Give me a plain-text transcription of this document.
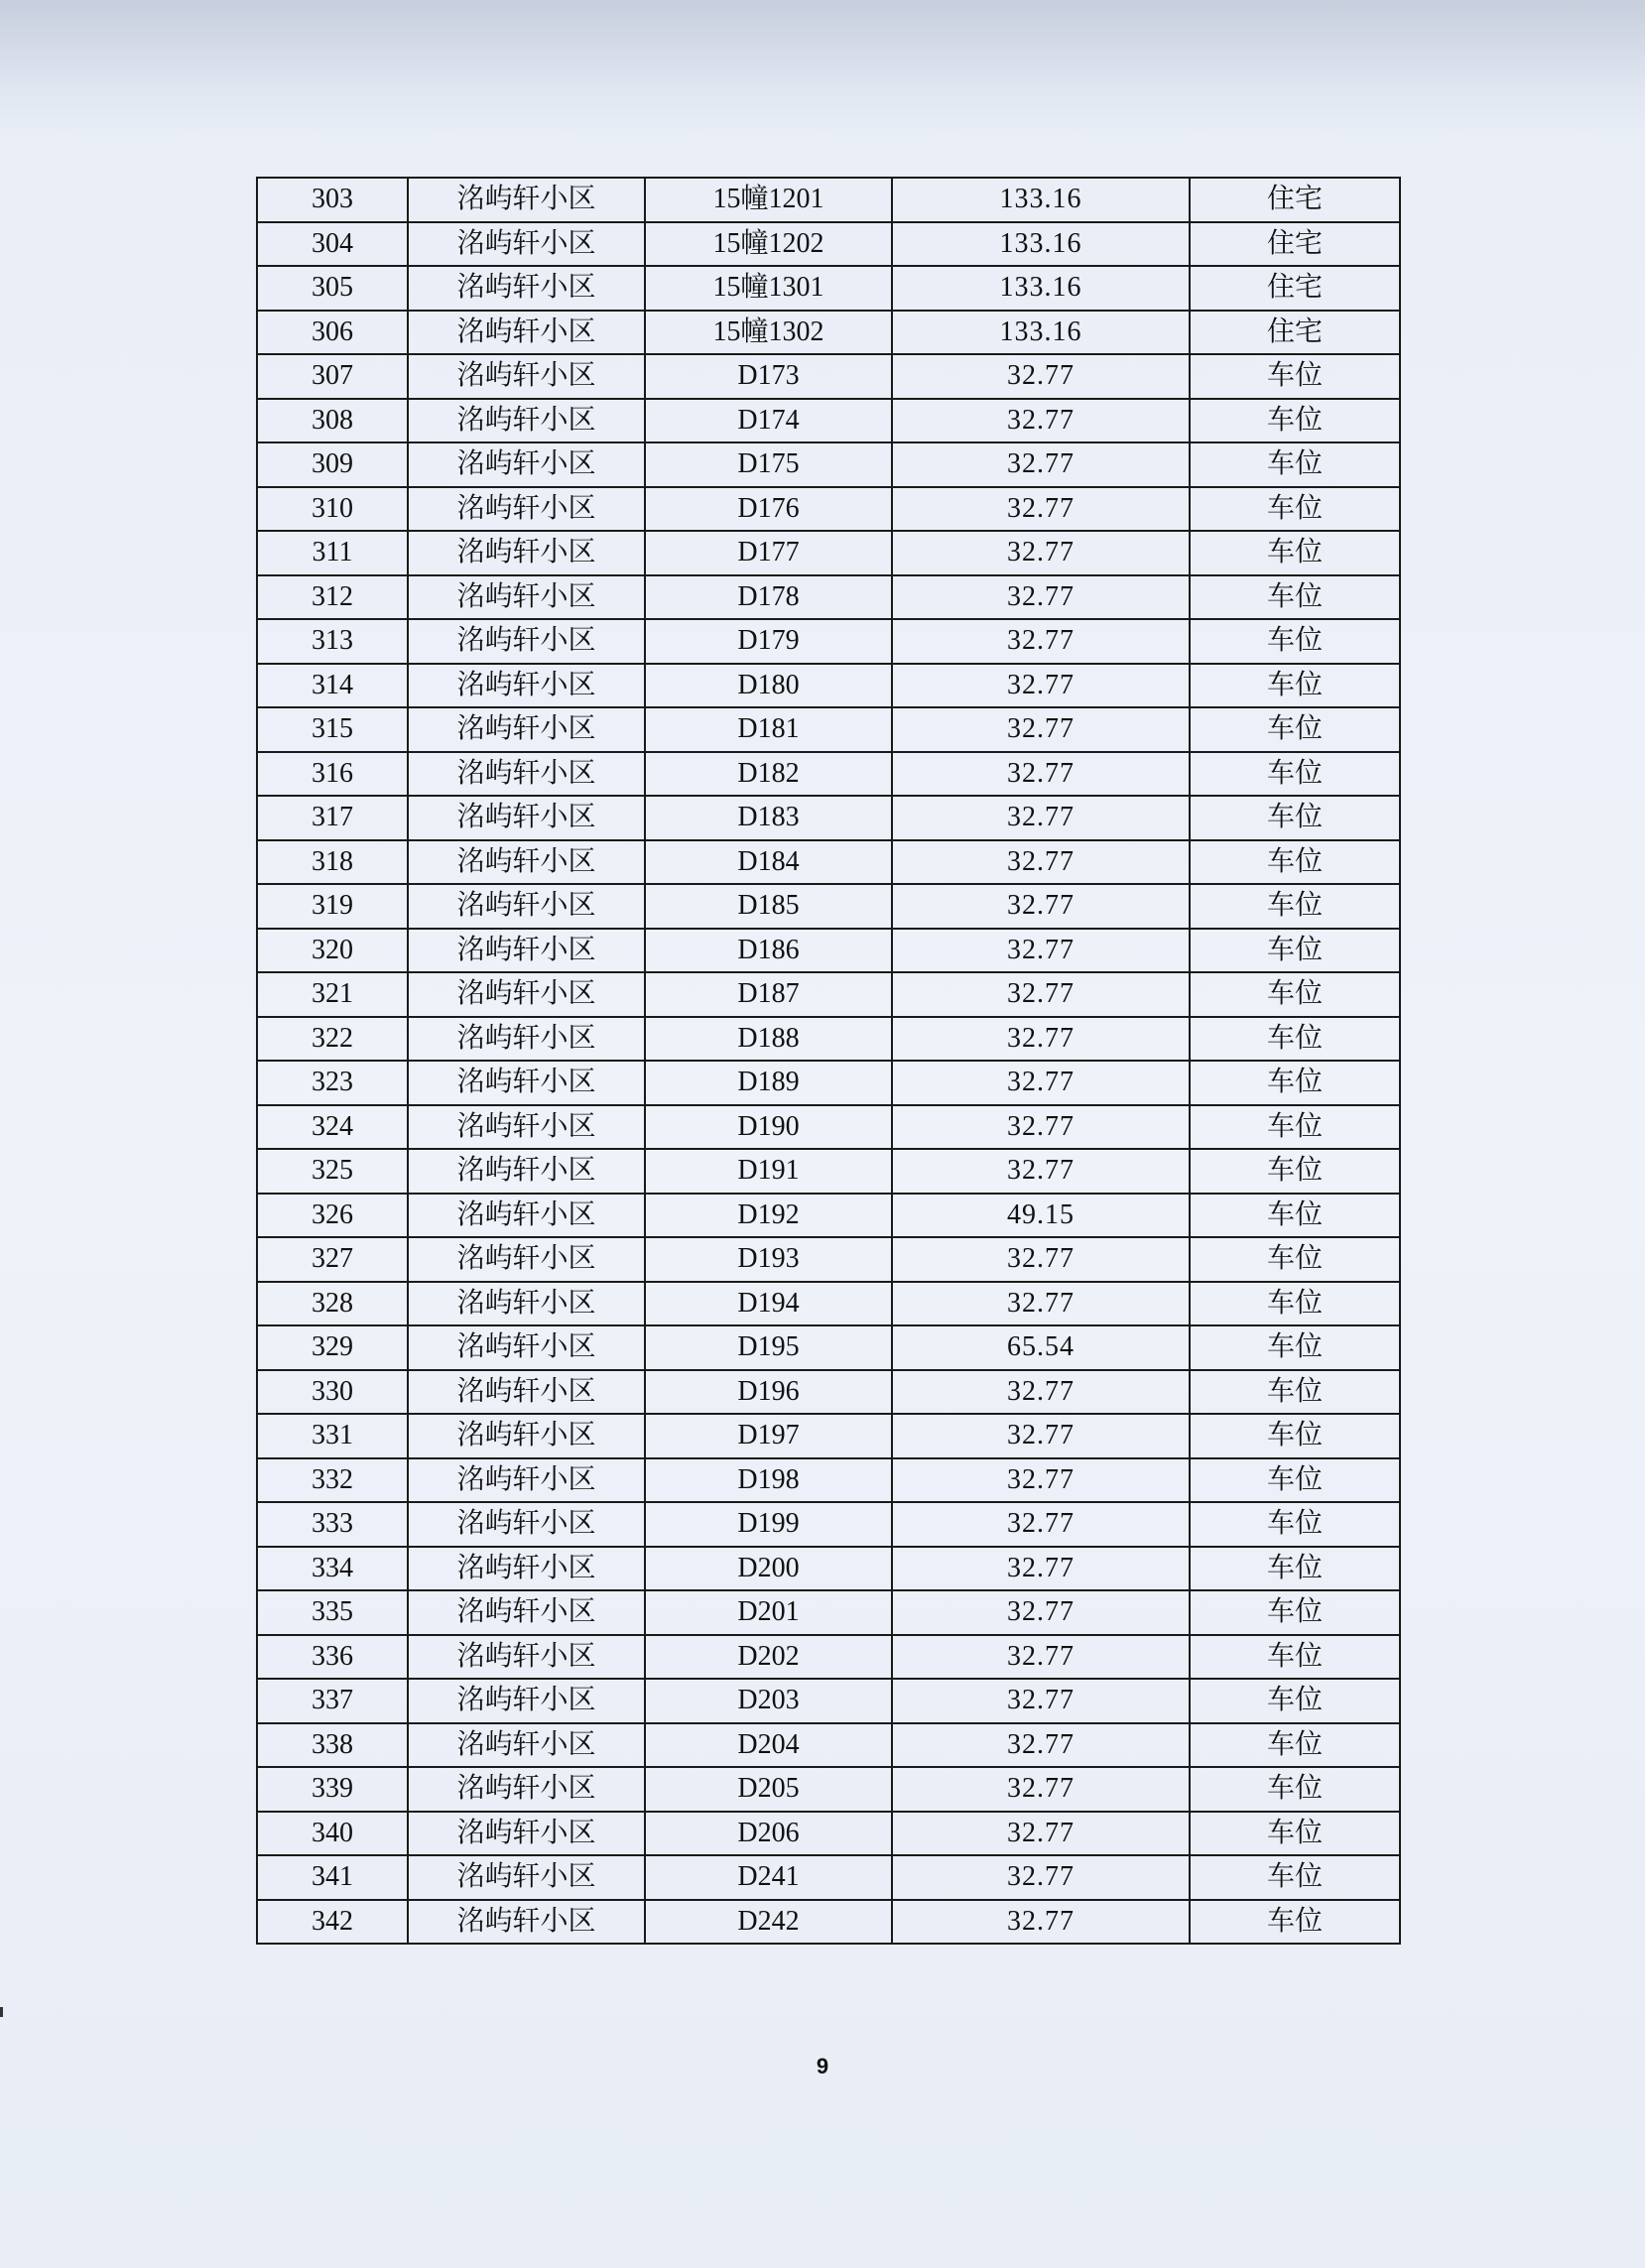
303	洺屿轩小区	15幢1201	133.16	住宅
304	洺屿轩小区	15幢1202	133.16	住宅
305	洺屿轩小区	15幢1301	133.16	住宅
306	洺屿轩小区	15幢1302	133.16	住宅
307	洺屿轩小区	D173	32.77	车位
308	洺屿轩小区	D174	32.77	车位
309	洺屿轩小区	D175	32.77	车位
310	洺屿轩小区	D176	32.77	车位
311	洺屿轩小区	D177	32.77	车位
312	洺屿轩小区	D178	32.77	车位
313	洺屿轩小区	D179	32.77	车位
314	洺屿轩小区	D180	32.77	车位
315	洺屿轩小区	D181	32.77	车位
316	洺屿轩小区	D182	32.77	车位
317	洺屿轩小区	D183	32.77	车位
318	洺屿轩小区	D184	32.77	车位
319	洺屿轩小区	D185	32.77	车位
320	洺屿轩小区	D186	32.77	车位
321	洺屿轩小区	D187	32.77	车位
322	洺屿轩小区	D188	32.77	车位
323	洺屿轩小区	D189	32.77	车位
324	洺屿轩小区	D190	32.77	车位
325	洺屿轩小区	D191	32.77	车位
326	洺屿轩小区	D192	49.15	车位
327	洺屿轩小区	D193	32.77	车位
328	洺屿轩小区	D194	32.77	车位
329	洺屿轩小区	D195	65.54	车位
330	洺屿轩小区	D196	32.77	车位
331	洺屿轩小区	D197	32.77	车位
332	洺屿轩小区	D198	32.77	车位
333	洺屿轩小区	D199	32.77	车位
334	洺屿轩小区	D200	32.77	车位
335	洺屿轩小区	D201	32.77	车位
336	洺屿轩小区	D202	32.77	车位
337	洺屿轩小区	D203	32.77	车位
338	洺屿轩小区	D204	32.77	车位
339	洺屿轩小区	D205	32.77	车位
340	洺屿轩小区	D206	32.77	车位
341	洺屿轩小区	D241	32.77	车位
342	洺屿轩小区	D242	32.77	车位
9
